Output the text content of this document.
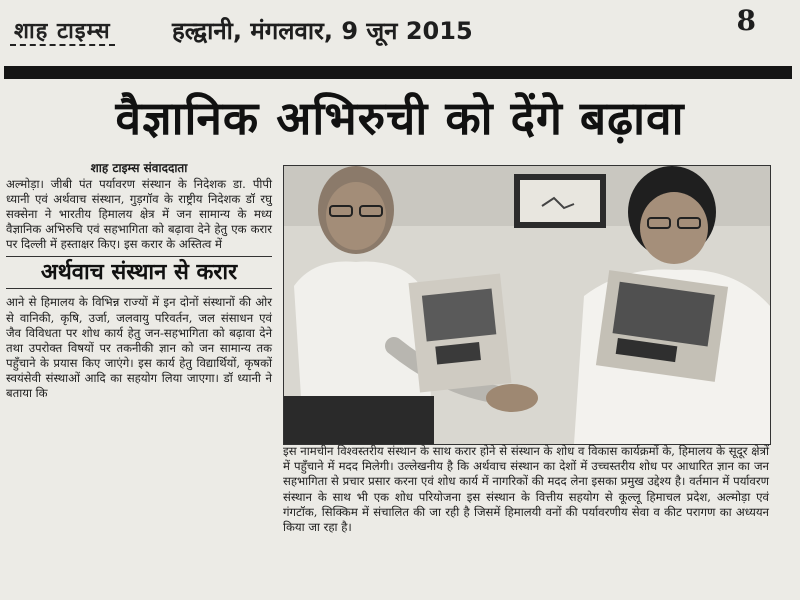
शाह टाइम्स	हल्द्वानी, मंगलवार, 9 जून 2015	8
वैज्ञानिक अभिरुची को देंगे बढ़ावा
शाह टाइम्स संवाददाता

अल्मोड़ा। जीबी पंत पर्यावरण संस्थान के निदेशक डा. पीपी ध्यानी एवं अर्थवाच संस्थान, गुड़गॉव के राष्ट्रीय निदेशक डॉ रघु सक्सेना ने भारतीय हिमालय क्षेत्र में जन सामान्य के मध्य वैज्ञानिक अभिरुचि एवं सहभागिता को बढ़ावा देने हेतु एक करार पर दिल्ली में हस्ताक्षर किए। इस करार के अस्तित्व में

अर्थवाच संस्थान से करार

आने से हिमालय के विभिन्न राज्यों में इन दोनों संस्थानों की ओर से वानिकी, कृषि, उर्जा, जलवायु परिवर्तन, जल संसाधन एवं जैव विविधता पर शोध कार्य हेतु जन-सहभागिता को बढ़ावा देने तथा उपरोक्त विषयों पर तकनीकी ज्ञान को जन सामान्य तक पहुँचाने के प्रयास किए जाएंगे। इस कार्य हेतु विद्यार्थियों, कृषकों स्वयंसेवी संस्थाओं आदि का सहयोग लिया जाएगा। डॉ ध्यानी ने बताया कि

इस नामचीन विश्वस्तरीय संस्थान के साथ करार होने से संस्थान के शोध व विकास कार्यक्रमों के, हिमालय के सूदूर क्षेत्रों में पहुँचाने में मदद मिलेगी। उल्लेखनीय है कि अर्थवाच संस्थान का देशों में उच्चस्तरीय शोध पर आधारित ज्ञान का जन सहभागिता से प्रचार प्रसार करना एवं शोध कार्य में नागरिकों की मदद लेना इसका प्रमुख उद्देश्य है। वर्तमान में पर्यावरण संस्थान के साथ भी एक शोध परियोजना इस संस्थान के वित्तीय सहयोग से कूल्लू हिमाचल प्रदेश, अल्मोड़ा एवं गंगटॉक, सिक्किम में संचालित की जा रही है जिसमें हिमालयी वनों की पर्यावरणीय सेवा व कीट परागण का अध्ययन किया जा रहा है।
